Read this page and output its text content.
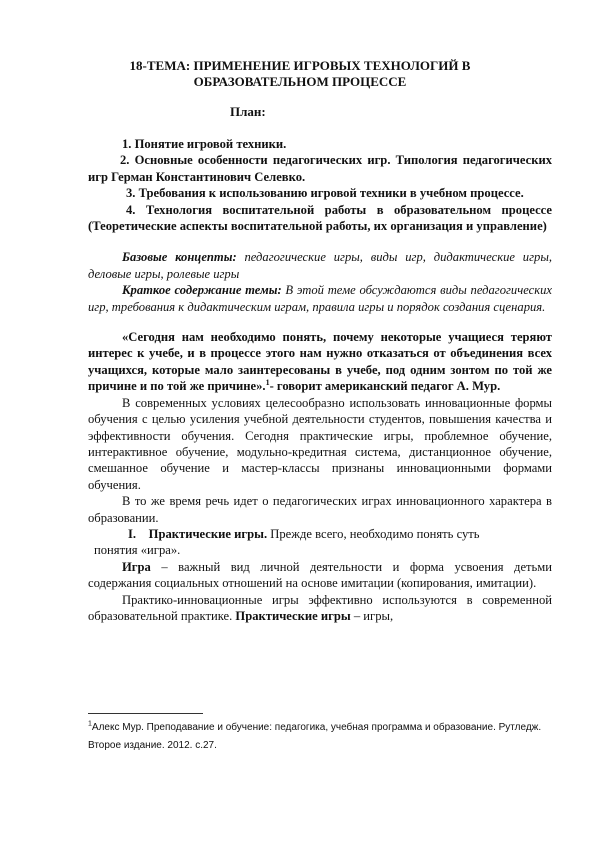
18-ТЕМА: ПРИМЕНЕНИЕ ИГРОВЫХ ТЕХНОЛОГИЙ В ОБРАЗОВАТЕЛЬНОМ ПРОЦЕССЕ
План:

1. Понятие игровой техники.

2. Основные особенности педагогических игр. Типология педагогических игр Герман Константинович Селевко.

3. Требования к использованию игровой техники в учебном процессе.

4. Технология воспитательной работы в образовательном процессе (Теоретические аспекты воспитательной работы, их организация и управление)

Базовые концепты: педагогические игры, виды игр, дидактические игры, деловые игры, ролевые игры

Краткое содержание темы: В этой теме обсуждаются виды педагогических игр, требования к дидактическим играм, правила игры и порядок создания сценария.

«Сегодня нам необходимо понять, почему некоторые учащиеся теряют интерес к учебе, и в процессе этого нам нужно отказаться от объединения всех учащихся, которые мало заинтересованы в учебе, под одним зонтом по той же причине и по той же причине».$^1$- говорит американский педагог А. Мур.

В современных условиях целесообразно использовать инновационные формы обучения с целью усиления учебной деятельности студентов, повышения качества и эффективности обучения. Сегодня практические игры, проблемное обучение, интерактивное обучение, модульно-кредитная система, дистанционное обучение, смешанное обучение и мастер-классы признаны инновационными формами обучения.

В то же время речь идет о педагогических играх инновационного характера в образовании.

I. Практические игры. Прежде всего, необходимо понять суть

понятия «игра».

Игра – важный вид личной деятельности и форма усвоения детьми содержания социальных отношений на основе имитации (копирования, имитации).

Практико-инновационные игры эффективно используются в современной образовательной практике. Практические игры – игры,

$^1$Алекс Мур. Преподавание и обучение: педагогика, учебная программа и образование. Рутледж.
Второе издание. 2012. с.27.
